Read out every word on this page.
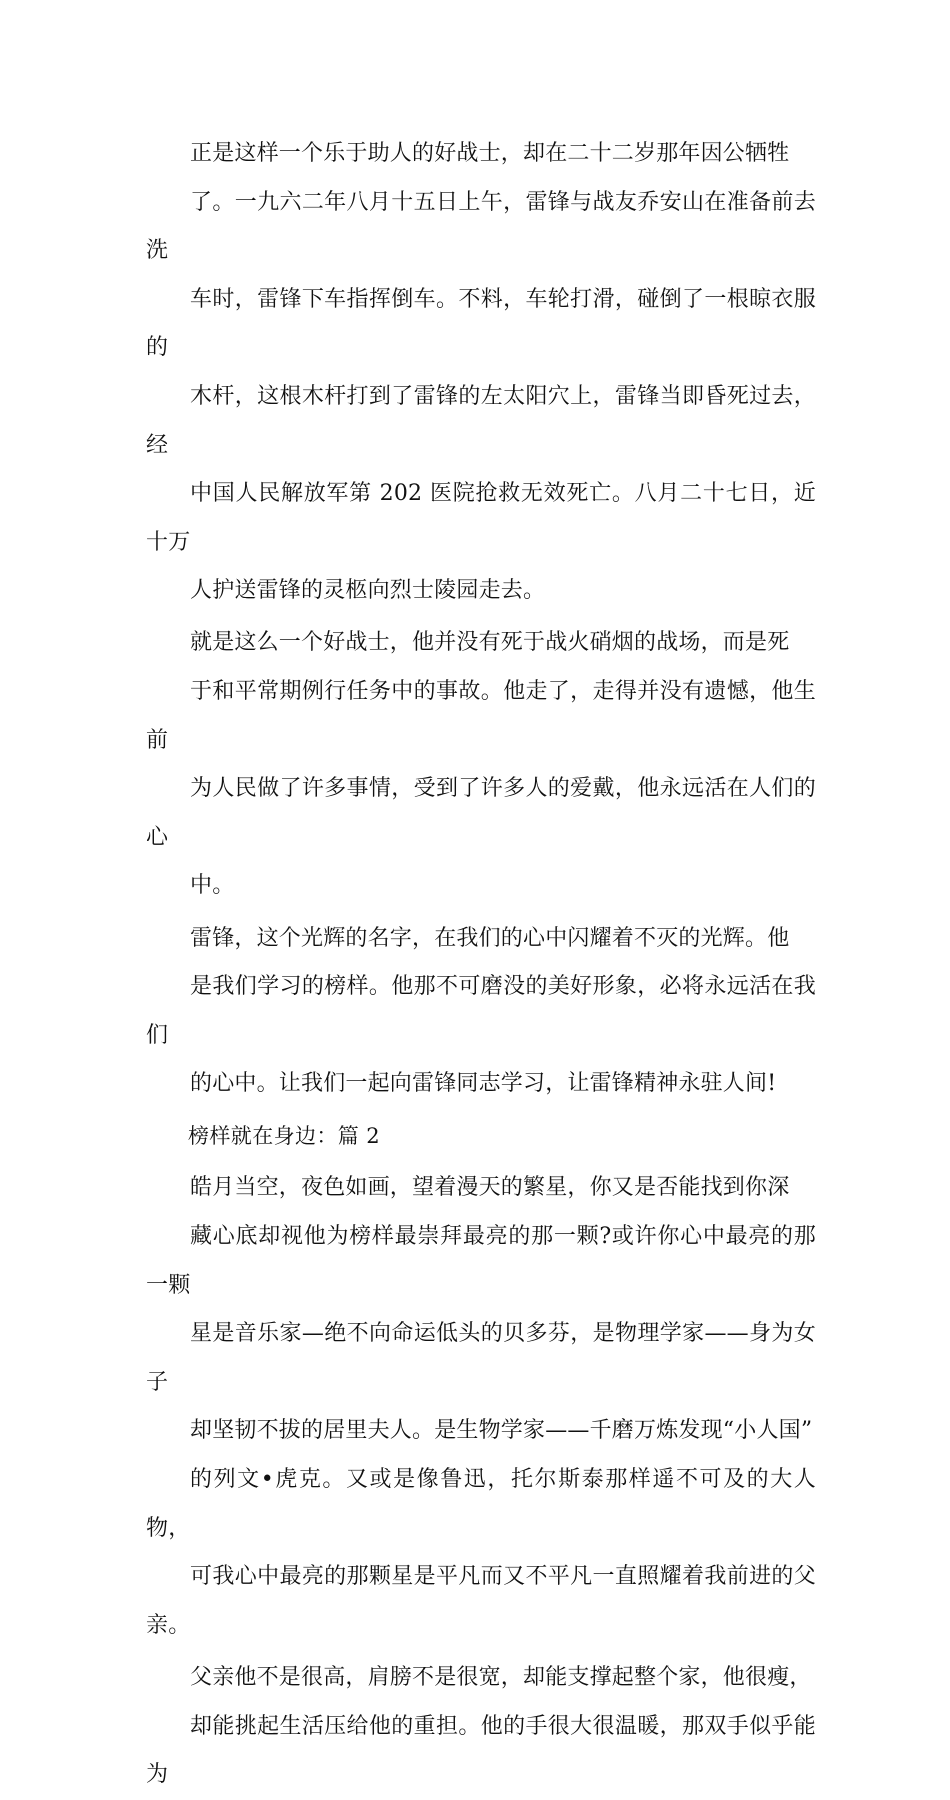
正是这样一个乐于助人的好战士，却在二十二岁那年因公牺牲
了。一九六二年八月十五日上午，雷锋与战友乔安山在准备前去洗
车时，雷锋下车指挥倒车。不料，车轮打滑，碰倒了一根晾衣服的
木杆，这根木杆打到了雷锋的左太阳穴上，雷锋当即昏死过去，经
中国人民解放军第 202 医院抢救无效死亡。八月二十七日，近十万
人护送雷锋的灵柩向烈士陵园走去。

就是这么一个好战士，他并没有死于战火硝烟的战场，而是死
于和平常期例行任务中的事故。他走了，走得并没有遗憾，他生前
为人民做了许多事情，受到了许多人的爱戴，他永远活在人们的心
中。

雷锋，这个光辉的名字，在我们的心中闪耀着不灭的光辉。他
是我们学习的榜样。他那不可磨没的美好形象，必将永远活在我们
的心中。让我们一起向雷锋同志学习，让雷锋精神永驻人间!

榜样就在身边：篇 2

皓月当空，夜色如画，望着漫天的繁星，你又是否能找到你深
藏心底却视他为榜样最崇拜最亮的那一颗?或许你心中最亮的那一颗
星是音乐家—绝不向命运低头的贝多芬，是物理学家——身为女子
却坚韧不拔的居里夫人。是生物学家——千磨万炼发现“小人国”
的列文•虎克。又或是像鲁迅，托尔斯泰那样遥不可及的大人物，
可我心中最亮的那颗星是平凡而又不平凡一直照耀着我前进的父亲。

父亲他不是很高，肩膀不是很宽，却能支撑起整个家，他很瘦，
却能挑起生活压给他的重担。他的手很大很温暖，那双手似乎能为
